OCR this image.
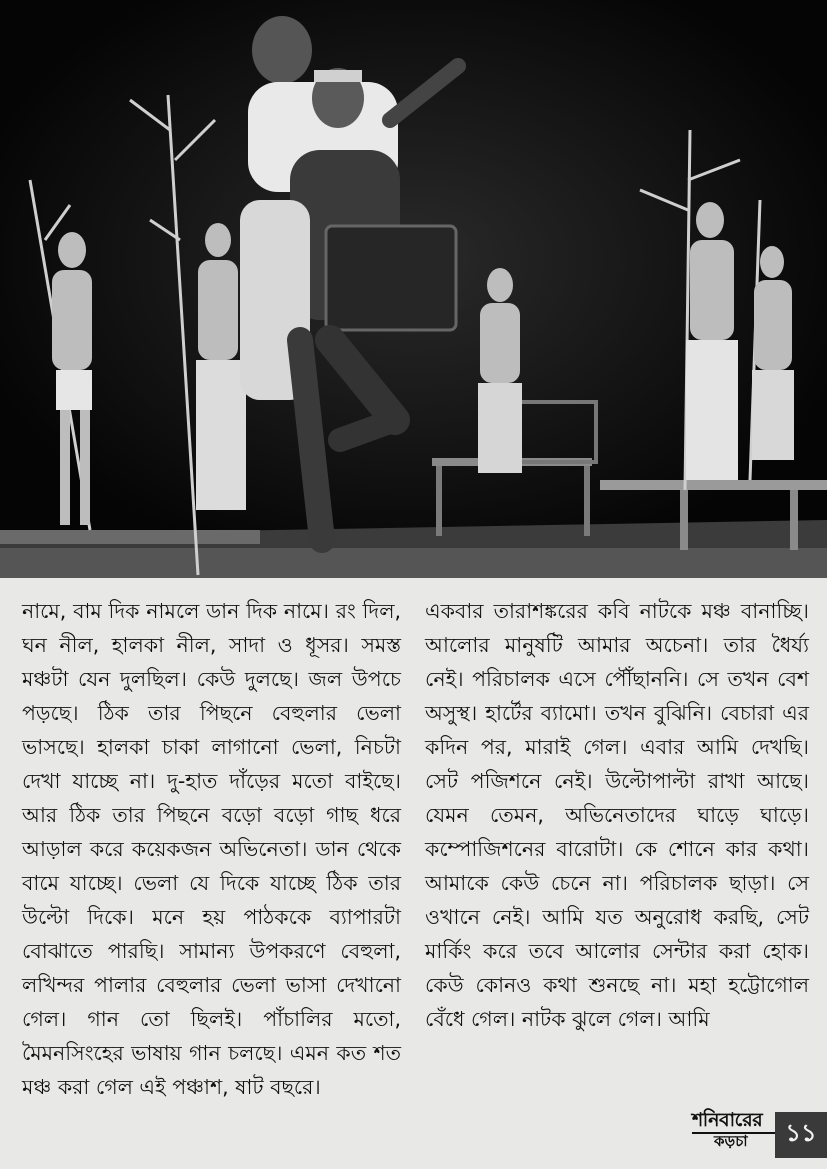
নামে, বাম দিক নামলে ডান দিক নামে। রং দিল, ঘন নীল, হালকা নীল, সাদা ও ধূসর। সমস্ত মঞ্চটা যেন দুলছিল। কেউ দুলছে। জল উপচে পড়ছে। ঠিক তার পিছনে বেহুলার ভেলা ভাসছে। হালকা চাকা লাগানো ভেলা, নিচটা দেখা যাচ্ছে না। দু-হাত দাঁড়ের মতো বাইছে। আর ঠিক তার পিছনে বড়ো বড়ো গাছ ধরে আড়াল করে কয়েকজন অভিনেতা। ডান থেকে বামে যাচ্ছে। ভেলা যে দিকে যাচ্ছে ঠিক তার উল্টো দিকে। মনে হয় পাঠককে ব্যাপারটা বোঝাতে পারছি। সামান্য উপকরণে বেহুলা, লখিন্দর পালার বেহুলার ভেলা ভাসা দেখানো গেল। গান তো ছিলই। পাঁচালির মতো, মৈমনসিংহের ভাষায় গান চলছে। এমন কত শত মঞ্চ করা গেল এই পঞ্চাশ, ষাট বছরে।
একবার তারাশঙ্করের কবি নাটকে মঞ্চ বানাচ্ছি। আলোর মানুষটি আমার অচেনা। তার ধৈর্য্য নেই। পরিচালক এসে পৌঁছাননি। সে তখন বেশ অসুস্থ। হার্টের ব্যামো। তখন বুঝিনি। বেচারা এর কদিন পর, মারাই গেল। এবার আমি দেখছি। সেট পজিশনে নেই। উল্টোপাল্টা রাখা আছে। যেমন তেমন, অভিনেতাদের ঘাড়ে ঘাড়ে। কম্পোজিশনের বারোটা। কে শোনে কার কথা। আমাকে কেউ চেনে না। পরিচালক ছাড়া। সে ওখানে নেই। আমি যত অনুরোধ করছি, সেট মার্কিং করে তবে আলোর সেন্টার করা হোক। কেউ কোনও কথা শুনছে না। মহা হট্টোগোল বেঁধে গেল। নাটক ঝুলে গেল। আমি
শনিবারের
কড়চা	১১
